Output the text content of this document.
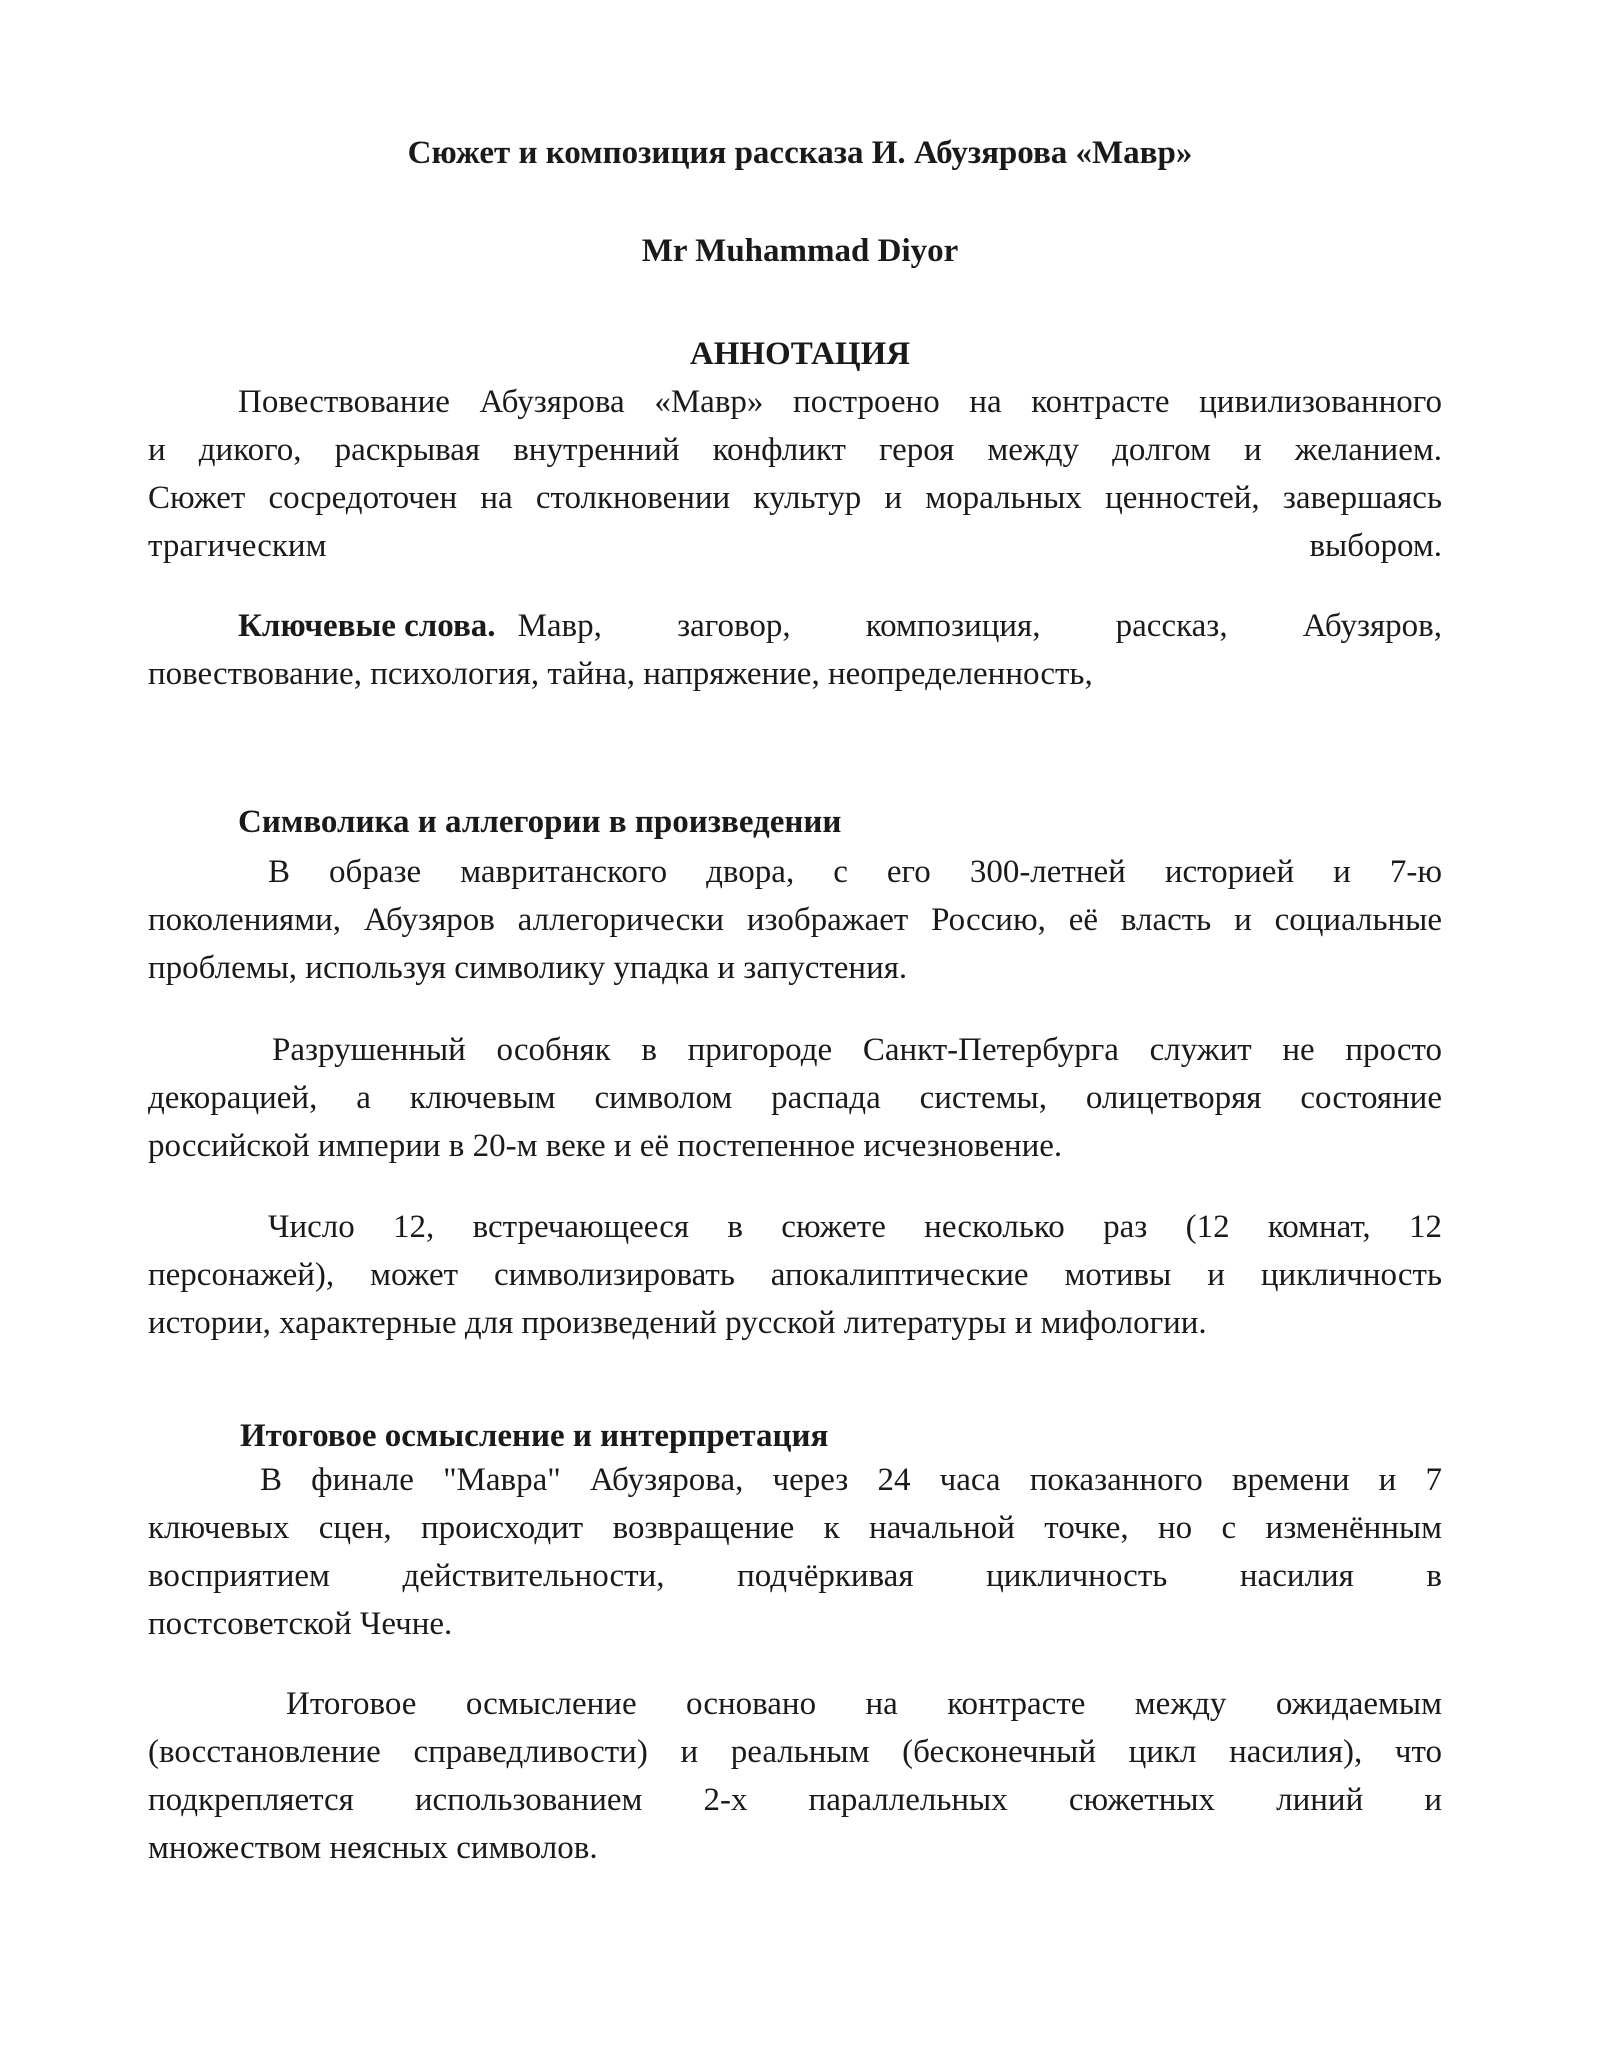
Сюжет и композиция рассказа И. Абузярова «Мавр»
Mr Muhammad Diyor
АННОТАЦИЯ
Повествование Абузярова «Мавр» построено на контрасте цивилизованного
и дикого, раскрывая внутренний конфликт героя между долгом и желанием.
Сюжет сосредоточен на столкновении культур и моральных ценностей, завершаясь
трагическим	выбором.
Ключевые слова. Мавр, заговор, композиция, рассказ, Абузяров,
повествование, психология, тайна, напряжение, неопределенность,
Символика и аллегории в произведении
В образе мавританского двора, с его 300-летней историей и 7-ю
поколениями, Абузяров аллегорически изображает Россию, её власть и социальные
проблемы, используя символику упадка и запустения.
Разрушенный особняк в пригороде Санкт-Петербурга служит не просто
декорацией, а ключевым символом распада системы, олицетворяя состояние
российской империи в 20-м веке и её постепенное исчезновение.
Число 12, встречающееся в сюжете несколько раз (12 комнат, 12
персонажей), может символизировать апокалиптические мотивы и цикличность
истории, характерные для произведений русской литературы и мифологии.
Итоговое осмысление и интерпретация
В финале "Мавра" Абузярова, через 24 часа показанного времени и 7
ключевых сцен, происходит возвращение к начальной точке, но с изменённым
восприятием действительности, подчёркивая цикличность насилия в
постсоветской Чечне.
Итоговое осмысление основано на контрасте между ожидаемым
(восстановление справедливости) и реальным (бесконечный цикл насилия), что
подкрепляется использованием 2-х параллельных сюжетных линий и
множеством неясных символов.
